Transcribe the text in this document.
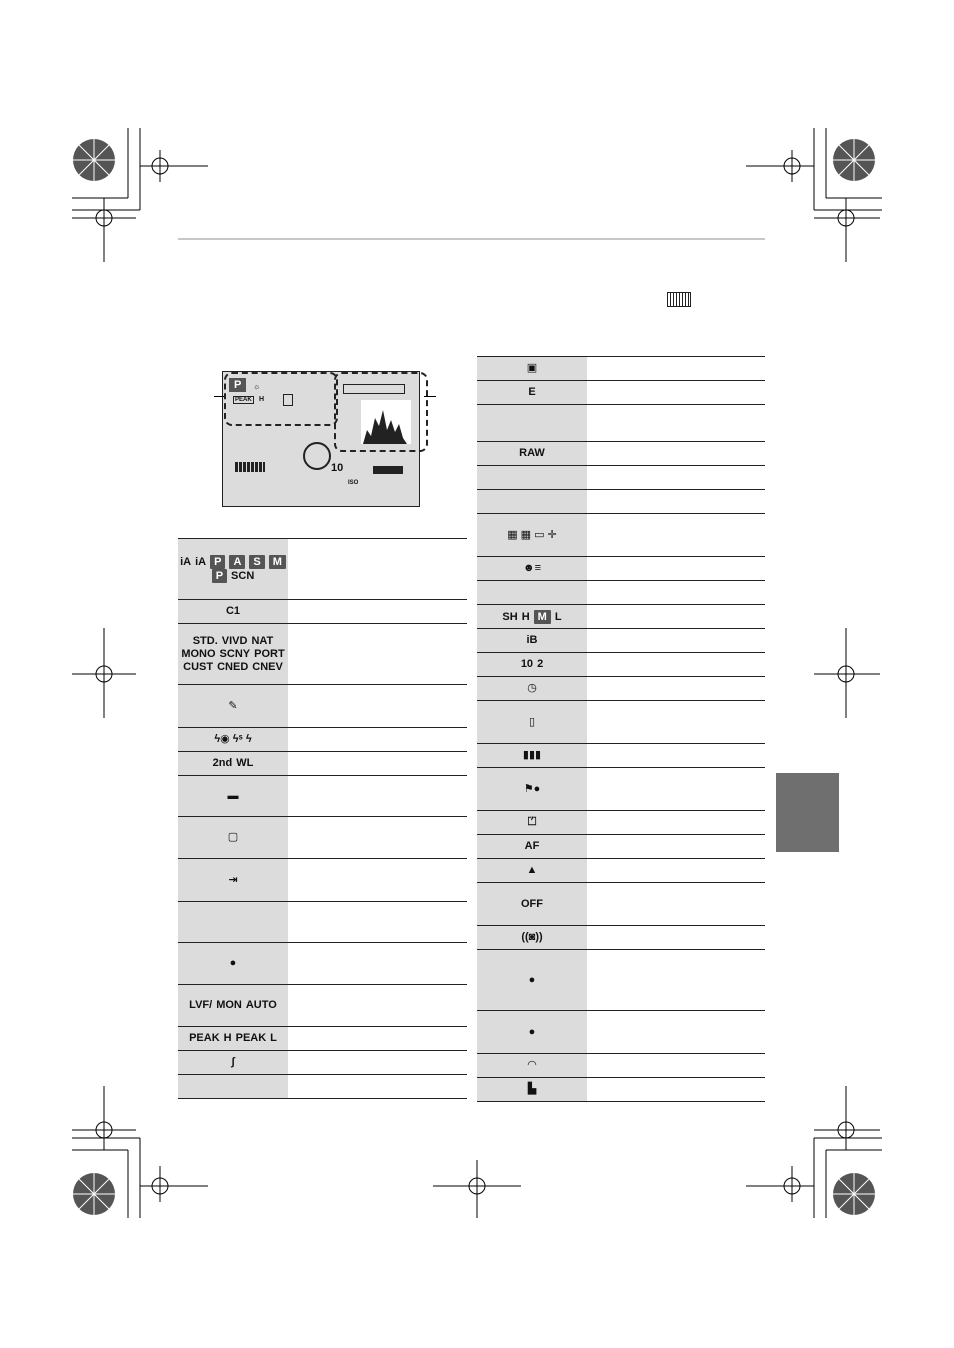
P	☼
PEAK H
10
ISO
iA iA P A S MP SCN	
C1	
STD. VIVD NATMONO SCNY PORTCUST CNED CNEV	
✎	
ϟ◉ ϟˢ ϟ	
2nd WL	
▬	
▢	
⇥	

●	
LVF/ MON AUTO	
PEAK H PEAK L	
∫	

▣	
E	

RAW	

▦ ▦ ▭ ✛	
☻≡	

SH H M L	
iB	
10 2	
◷	
▯	
▮▮▮	
⚑●	
⏍	
AF	
▲	
OFF	
((◙))	
●	
●	
◠	
▙	
